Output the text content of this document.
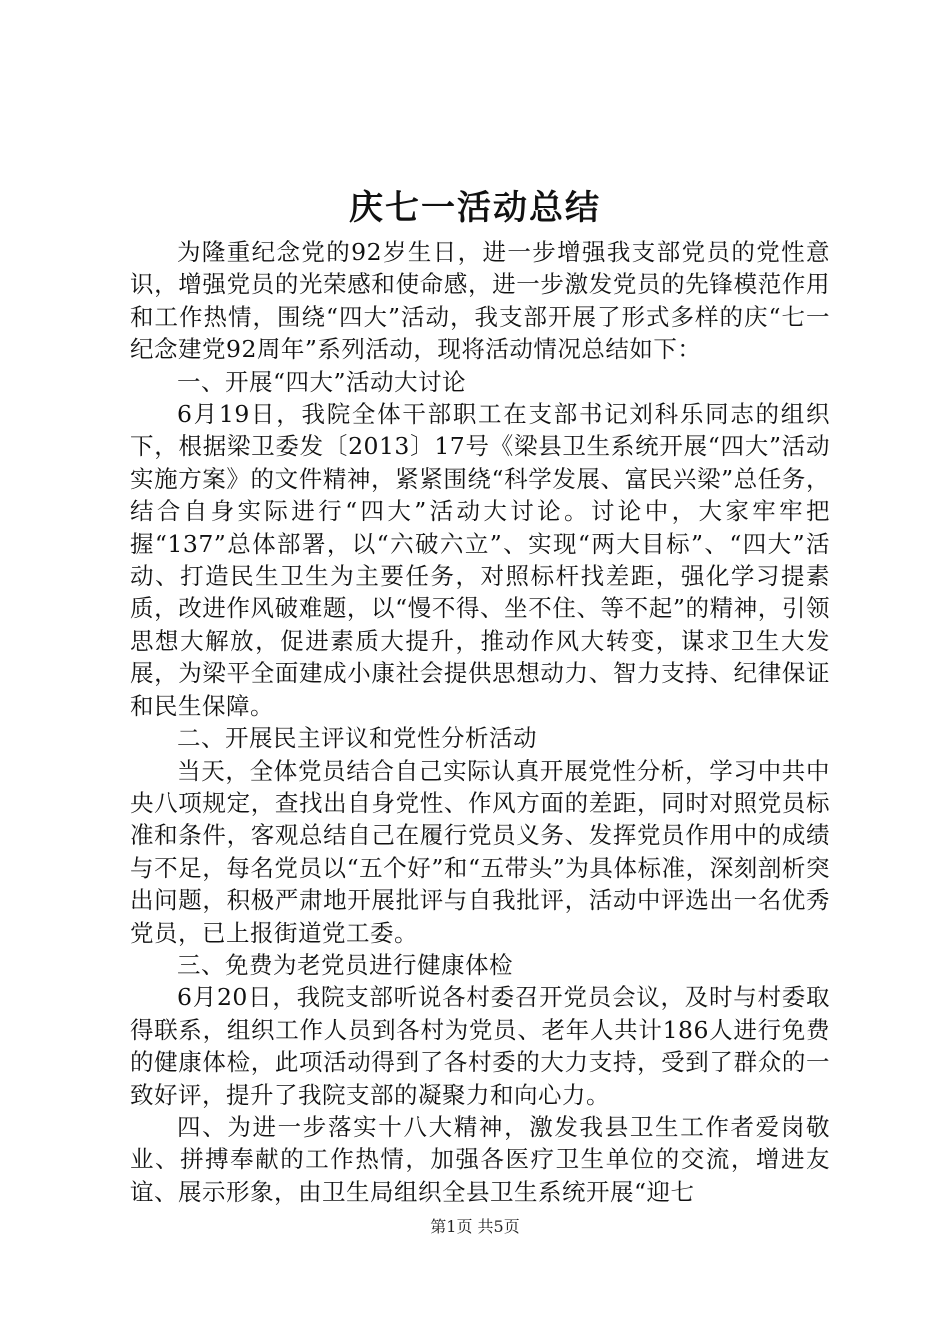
庆七一活动总结

为隆重纪念党的92岁生日，进一步增强我支部党员的党性意识，增强党员的光荣感和使命感，进一步激发党员的先锋模范作用和工作热情，围绕“四大”活动，我支部开展了形式多样的庆“七一纪念建党92周年”系列活动，现将活动情况总结如下：

一、开展“四大”活动大讨论

6月19日，我院全体干部职工在支部书记刘科乐同志的组织下，根据梁卫委发〔2013〕17号《梁县卫生系统开展“四大”活动实施方案》的文件精神，紧紧围绕“科学发展、富民兴梁”总任务，结合自身实际进行“四大”活动大讨论。讨论中，大家牢牢把握“137”总体部署，以“六破六立”、实现“两大目标”、“四大”活动、打造民生卫生为主要任务，对照标杆找差距，强化学习提素质，改进作风破难题，以“慢不得、坐不住、等不起”的精神，引领思想大解放，促进素质大提升，推动作风大转变，谋求卫生大发展，为梁平全面建成小康社会提供思想动力、智力支持、纪律保证和民生保障。

二、开展民主评议和党性分析活动

当天，全体党员结合自己实际认真开展党性分析，学习中共中央八项规定，查找出自身党性、作风方面的差距，同时对照党员标准和条件，客观总结自己在履行党员义务、发挥党员作用中的成绩与不足，每名党员以“五个好”和“五带头”为具体标准，深刻剖析突出问题，积极严肃地开展批评与自我批评，活动中评选出一名优秀党员，已上报街道党工委。

三、免费为老党员进行健康体检

6月20日，我院支部听说各村委召开党员会议，及时与村委取得联系，组织工作人员到各村为党员、老年人共计186人进行免费的健康体检，此项活动得到了各村委的大力支持，受到了群众的一致好评，提升了我院支部的凝聚力和向心力。

四、为进一步落实十八大精神，激发我县卫生工作者爱岗敬业、拼搏奉献的工作热情，加强各医疗卫生单位的交流，增进友谊、展示形象，由卫生局组织全县卫生系统开展“迎七

第1页 共5页
